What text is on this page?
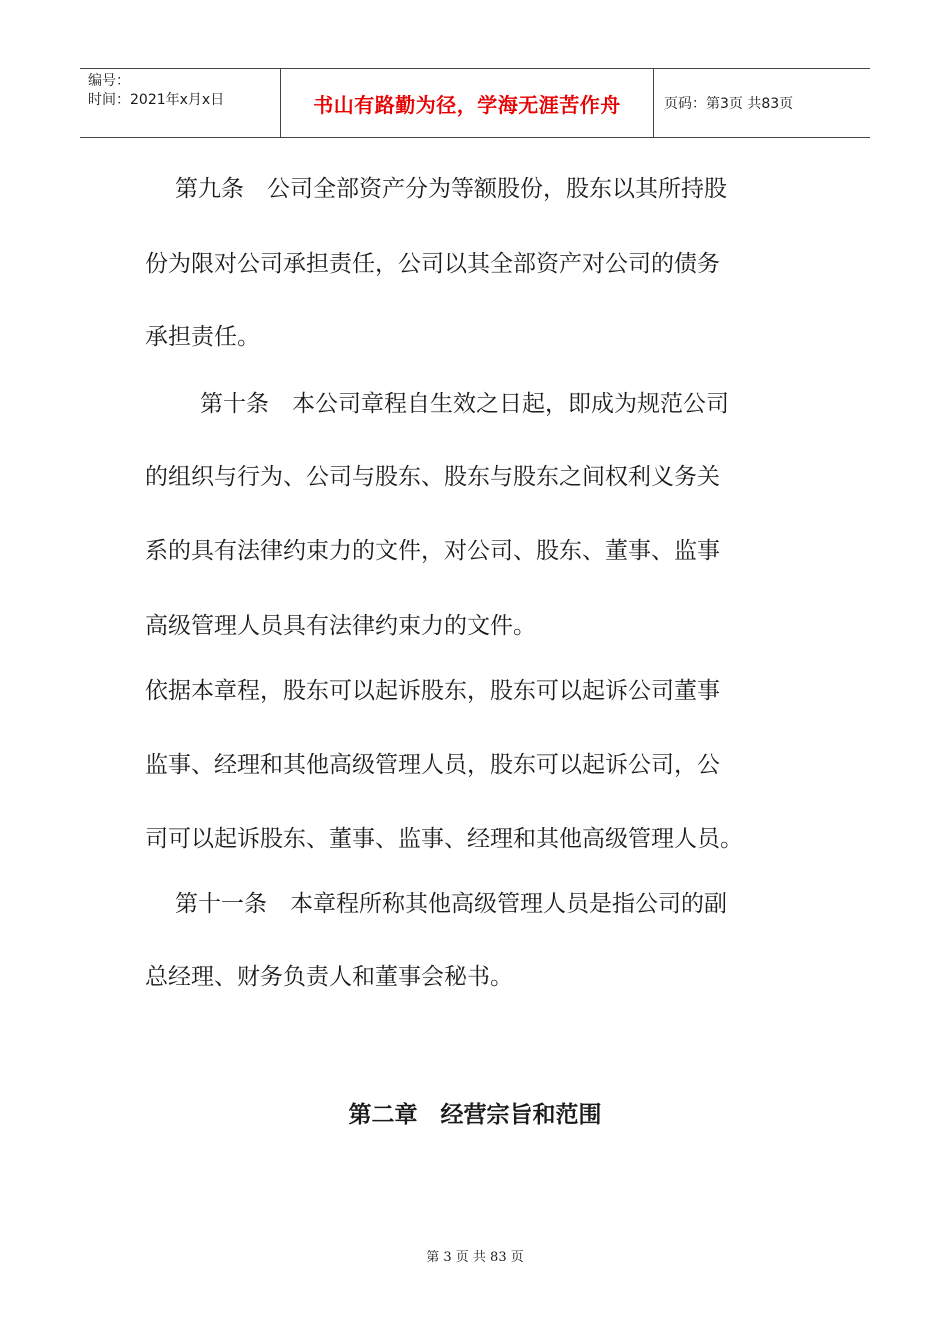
编号：
时间：2021年x月x日	书山有路勤为径，学海无涯苦作舟	页码：第3页 共83页
第九条　公司全部资产分为等额股份，股东以其所持股
份为限对公司承担责任，公司以其全部资产对公司的债务
承担责任。
第十条　本公司章程自生效之日起，即成为规范公司
的组织与行为、公司与股东、股东与股东之间权利义务关
系的具有法律约束力的文件，对公司、股东、董事、监事
高级管理人员具有法律约束力的文件。
依据本章程，股东可以起诉股东，股东可以起诉公司董事
监事、经理和其他高级管理人员，股东可以起诉公司，公
司可以起诉股东、董事、监事、经理和其他高级管理人员。
第十一条　本章程所称其他高级管理人员是指公司的副
总经理、财务负责人和董事会秘书。
第二章　经营宗旨和范围
第 3 页 共 83 页
